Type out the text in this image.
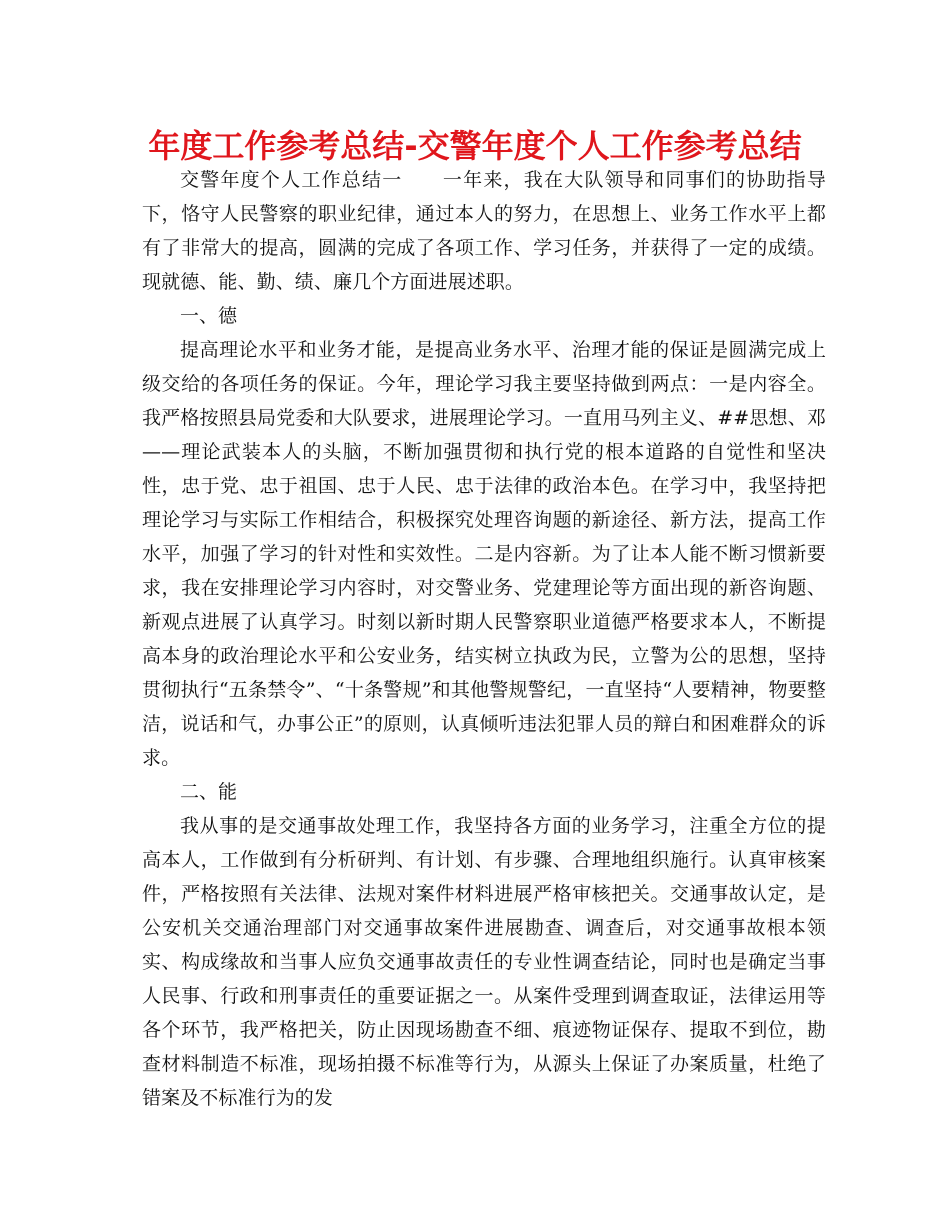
年度工作参考总结-交警年度个人工作参考总结

交警年度个人工作总结一　　一年来，我在大队领导和同事们的协助指导下，恪守人民警察的职业纪律，通过本人的努力，在思想上、业务工作水平上都有了非常大的提高，圆满的完成了各项工作、学习任务，并获得了一定的成绩。现就德、能、勤、绩、廉几个方面进展述职。

一、德

提高理论水平和业务才能，是提高业务水平、治理才能的保证是圆满完成上级交给的各项任务的保证。今年，理论学习我主要坚持做到两点：一是内容全。我严格按照县局党委和大队要求，进展理论学习。一直用马列主义、##思想、邓——理论武装本人的头脑，不断加强贯彻和执行党的根本道路的自觉性和坚决性，忠于党、忠于祖国、忠于人民、忠于法律的政治本色。在学习中，我坚持把理论学习与实际工作相结合，积极探究处理咨询题的新途径、新方法，提高工作水平，加强了学习的针对性和实效性。二是内容新。为了让本人能不断习惯新要求，我在安排理论学习内容时，对交警业务、党建理论等方面出现的新咨询题、新观点进展了认真学习。时刻以新时期人民警察职业道德严格要求本人，不断提高本身的政治理论水平和公安业务，结实树立执政为民，立警为公的思想，坚持贯彻执行“五条禁令”、“十条警规”和其他警规警纪，一直坚持“人要精神，物要整洁，说话和气，办事公正”的原则，认真倾听违法犯罪人员的辩白和困难群众的诉求。

二、能

我从事的是交通事故处理工作，我坚持各方面的业务学习，注重全方位的提高本人，工作做到有分析研判、有计划、有步骤、合理地组织施行。认真审核案件，严格按照有关法律、法规对案件材料进展严格审核把关。交通事故认定，是公安机关交通治理部门对交通事故案件进展勘查、调查后，对交通事故根本领实、构成缘故和当事人应负交通事故责任的专业性调查结论，同时也是确定当事人民事、行政和刑事责任的重要证据之一。从案件受理到调查取证，法律运用等各个环节，我严格把关，防止因现场勘查不细、痕迹物证保存、提取不到位，勘查材料制造不标准，现场拍摄不标准等行为，从源头上保证了办案质量，杜绝了错案及不标准行为的发
